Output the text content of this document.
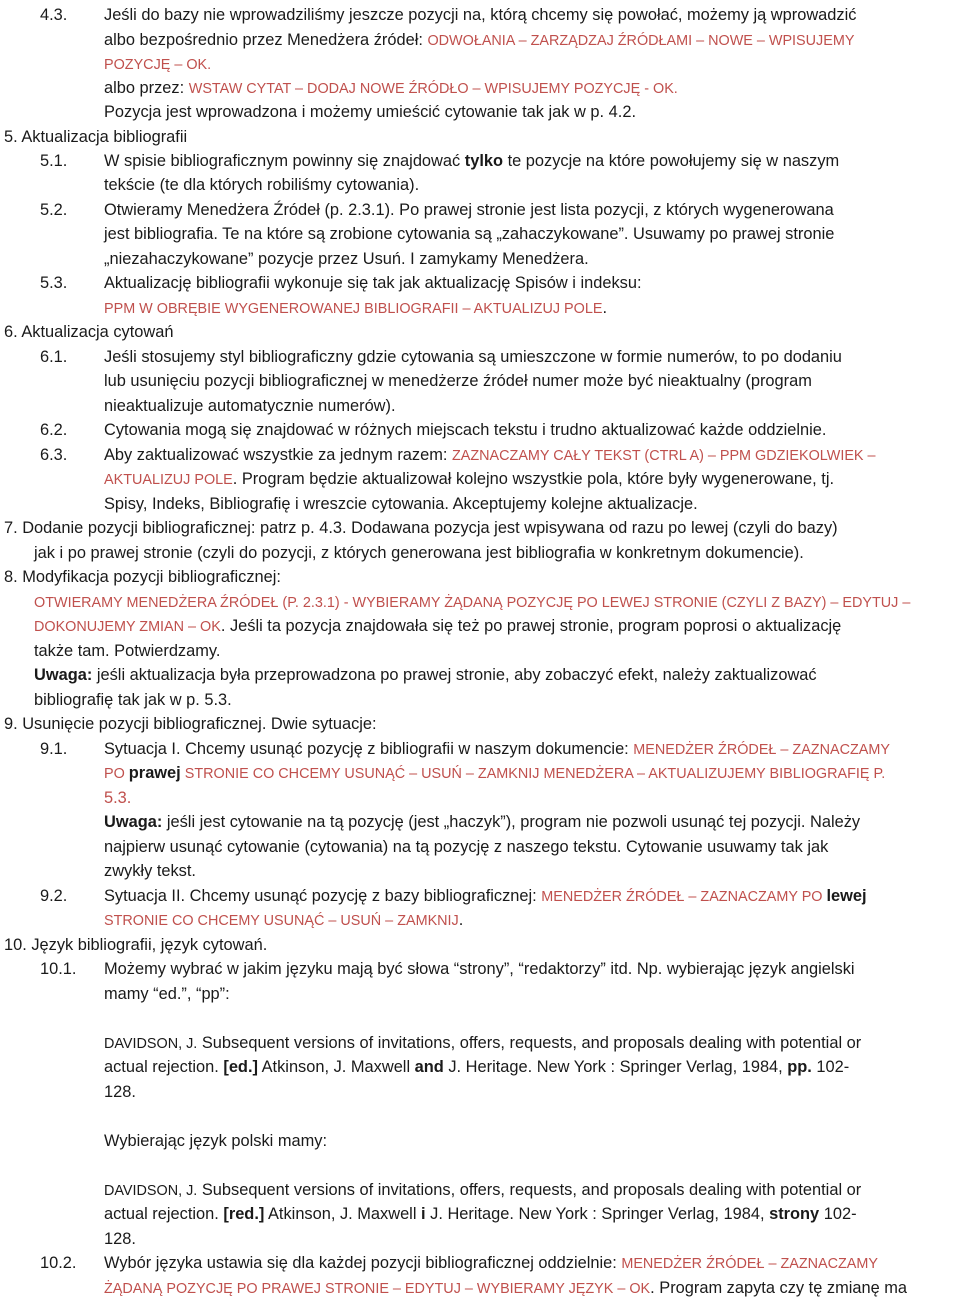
4.3. Jeśli do bazy nie wprowadziliśmy jeszcze pozycji na, którą chcemy się powołać, możemy ją wprowadzić
albo bezpośrednio przez Menedżera źródeł: ODWOŁANIA – ZARZĄDZAJ ŹRÓDŁAMI – NOWE – WPISUJEMY
POZYCJĘ – OK.
albo przez: WSTAW CYTAT – DODAJ NOWE ŹRÓDŁO – WPISUJEMY POZYCJĘ - OK.
Pozycja jest wprowadzona i możemy umieścić cytowanie tak jak w p. 4.2.
5. Aktualizacja bibliografii
5.1. W spisie bibliograficznym powinny się znajdować tylko te pozycje na które powołujemy się w naszym
tekście (te dla których robiliśmy cytowania).
5.2. Otwieramy Menedżera Źródeł (p. 2.3.1). Po prawej stronie jest lista pozycji, z których wygenerowana
jest bibliografia. Te na które są zrobione cytowania są „zahaczykowane”. Usuwamy po prawej stronie
„niezahaczykowane” pozycje przez Usuń. I zamykamy Menedżera.
5.3. Aktualizację bibliografii wykonuje się tak jak aktualizację Spisów i indeksu:
PPM W OBRĘBIE WYGENEROWANEJ BIBLIOGRAFII – AKTUALIZUJ POLE.
6. Aktualizacja cytowań
6.1. Jeśli stosujemy styl bibliograficzny gdzie cytowania są umieszczone w formie numerów, to po dodaniu
lub usunięciu pozycji bibliograficznej w menedżerze źródeł numer może być nieaktualny (program
nieaktualizuje automatycznie numerów).
6.2. Cytowania mogą się znajdować w różnych miejscach tekstu i trudno aktualizować każde oddzielnie.
6.3. Aby zaktualizować wszystkie za jednym razem: ZAZNACZAMY CAŁY TEKST (CTRL A) – PPM GDZIEKOLWIEK –
AKTUALIZUJ POLE. Program będzie aktualizował kolejno wszystkie pola, które były wygenerowane, tj.
Spisy, Indeks, Bibliografię i wreszcie cytowania. Akceptujemy kolejne aktualizacje.
7. Dodanie pozycji bibliograficznej: patrz p. 4.3. Dodawana pozycja jest wpisywana od razu po lewej (czyli do bazy)
jak i po prawej stronie (czyli do pozycji, z których generowana jest bibliografia w konkretnym dokumencie).
8. Modyfikacja pozycji bibliograficznej:
OTWIERAMY MENEDŻERA ŹRÓDEŁ (P. 2.3.1) - WYBIERAMY ŻĄDANĄ POZYCJĘ PO LEWEJ STRONIE (CZYLI Z BAZY) – EDYTUJ –
DOKONUJEMY ZMIAN – OK. Jeśli ta pozycja znajdowała się też po prawej stronie, program poprosi o aktualizację
także tam. Potwierdzamy.
Uwaga: jeśli aktualizacja była przeprowadzona po prawej stronie, aby zobaczyć efekt, należy zaktualizować
bibliografię tak jak w p. 5.3.
9. Usunięcie pozycji bibliograficznej. Dwie sytuacje:
9.1. Sytuacja I. Chcemy usunąć pozycję z bibliografii w naszym dokumencie: MENEDŻER ŹRÓDEŁ – ZAZNACZAMY
PO prawej STRONIE CO CHCEMY USUNĄĆ – USUŃ – ZAMKNIJ MENEDŻERA – AKTUALIZUJEMY BIBLIOGRAFIĘ P.
5.3.
Uwaga: jeśli jest cytowanie na tą pozycję (jest „haczyk”), program nie pozwoli usunąć tej pozycji. Należy
najpierw usunąć cytowanie (cytowania) na tą pozycję z naszego tekstu. Cytowanie usuwamy tak jak
zwykły tekst.
9.2. Sytuacja II. Chcemy usunąć pozycję z bazy bibliograficznej: MENEDŻER ŹRÓDEŁ – ZAZNACZAMY PO lewej
STRONIE CO CHCEMY USUNĄĆ – USUŃ – ZAMKNIJ.
10. Język bibliografii, język cytowań.
10.1. Możemy wybrać w jakim języku mają być słowa “strony”, “redaktorzy” itd. Np. wybierając język angielski
mamy “ed.”, “pp”:
DAVIDSON, J. Subsequent versions of invitations, offers, requests, and proposals dealing with potential or
actual rejection. [ed.] Atkinson, J. Maxwell and J. Heritage. New York : Springer Verlag, 1984, pp. 102-
128.
Wybierając język polski mamy:
DAVIDSON, J. Subsequent versions of invitations, offers, requests, and proposals dealing with potential or
actual rejection. [red.] Atkinson, J. Maxwell i J. Heritage. New York : Springer Verlag, 1984, strony 102-
128.
10.2. Wybór języka ustawia się dla każdej pozycji bibliograficznej oddzielnie: MENEDŻER ŹRÓDEŁ – ZAZNACZAMY
ŻĄDANĄ POZYCJĘ PO PRAWEJ STRONIE – EDYTUJ – WYBIERAMY JĘZYK – OK. Program zapyta czy tę zmianę ma
